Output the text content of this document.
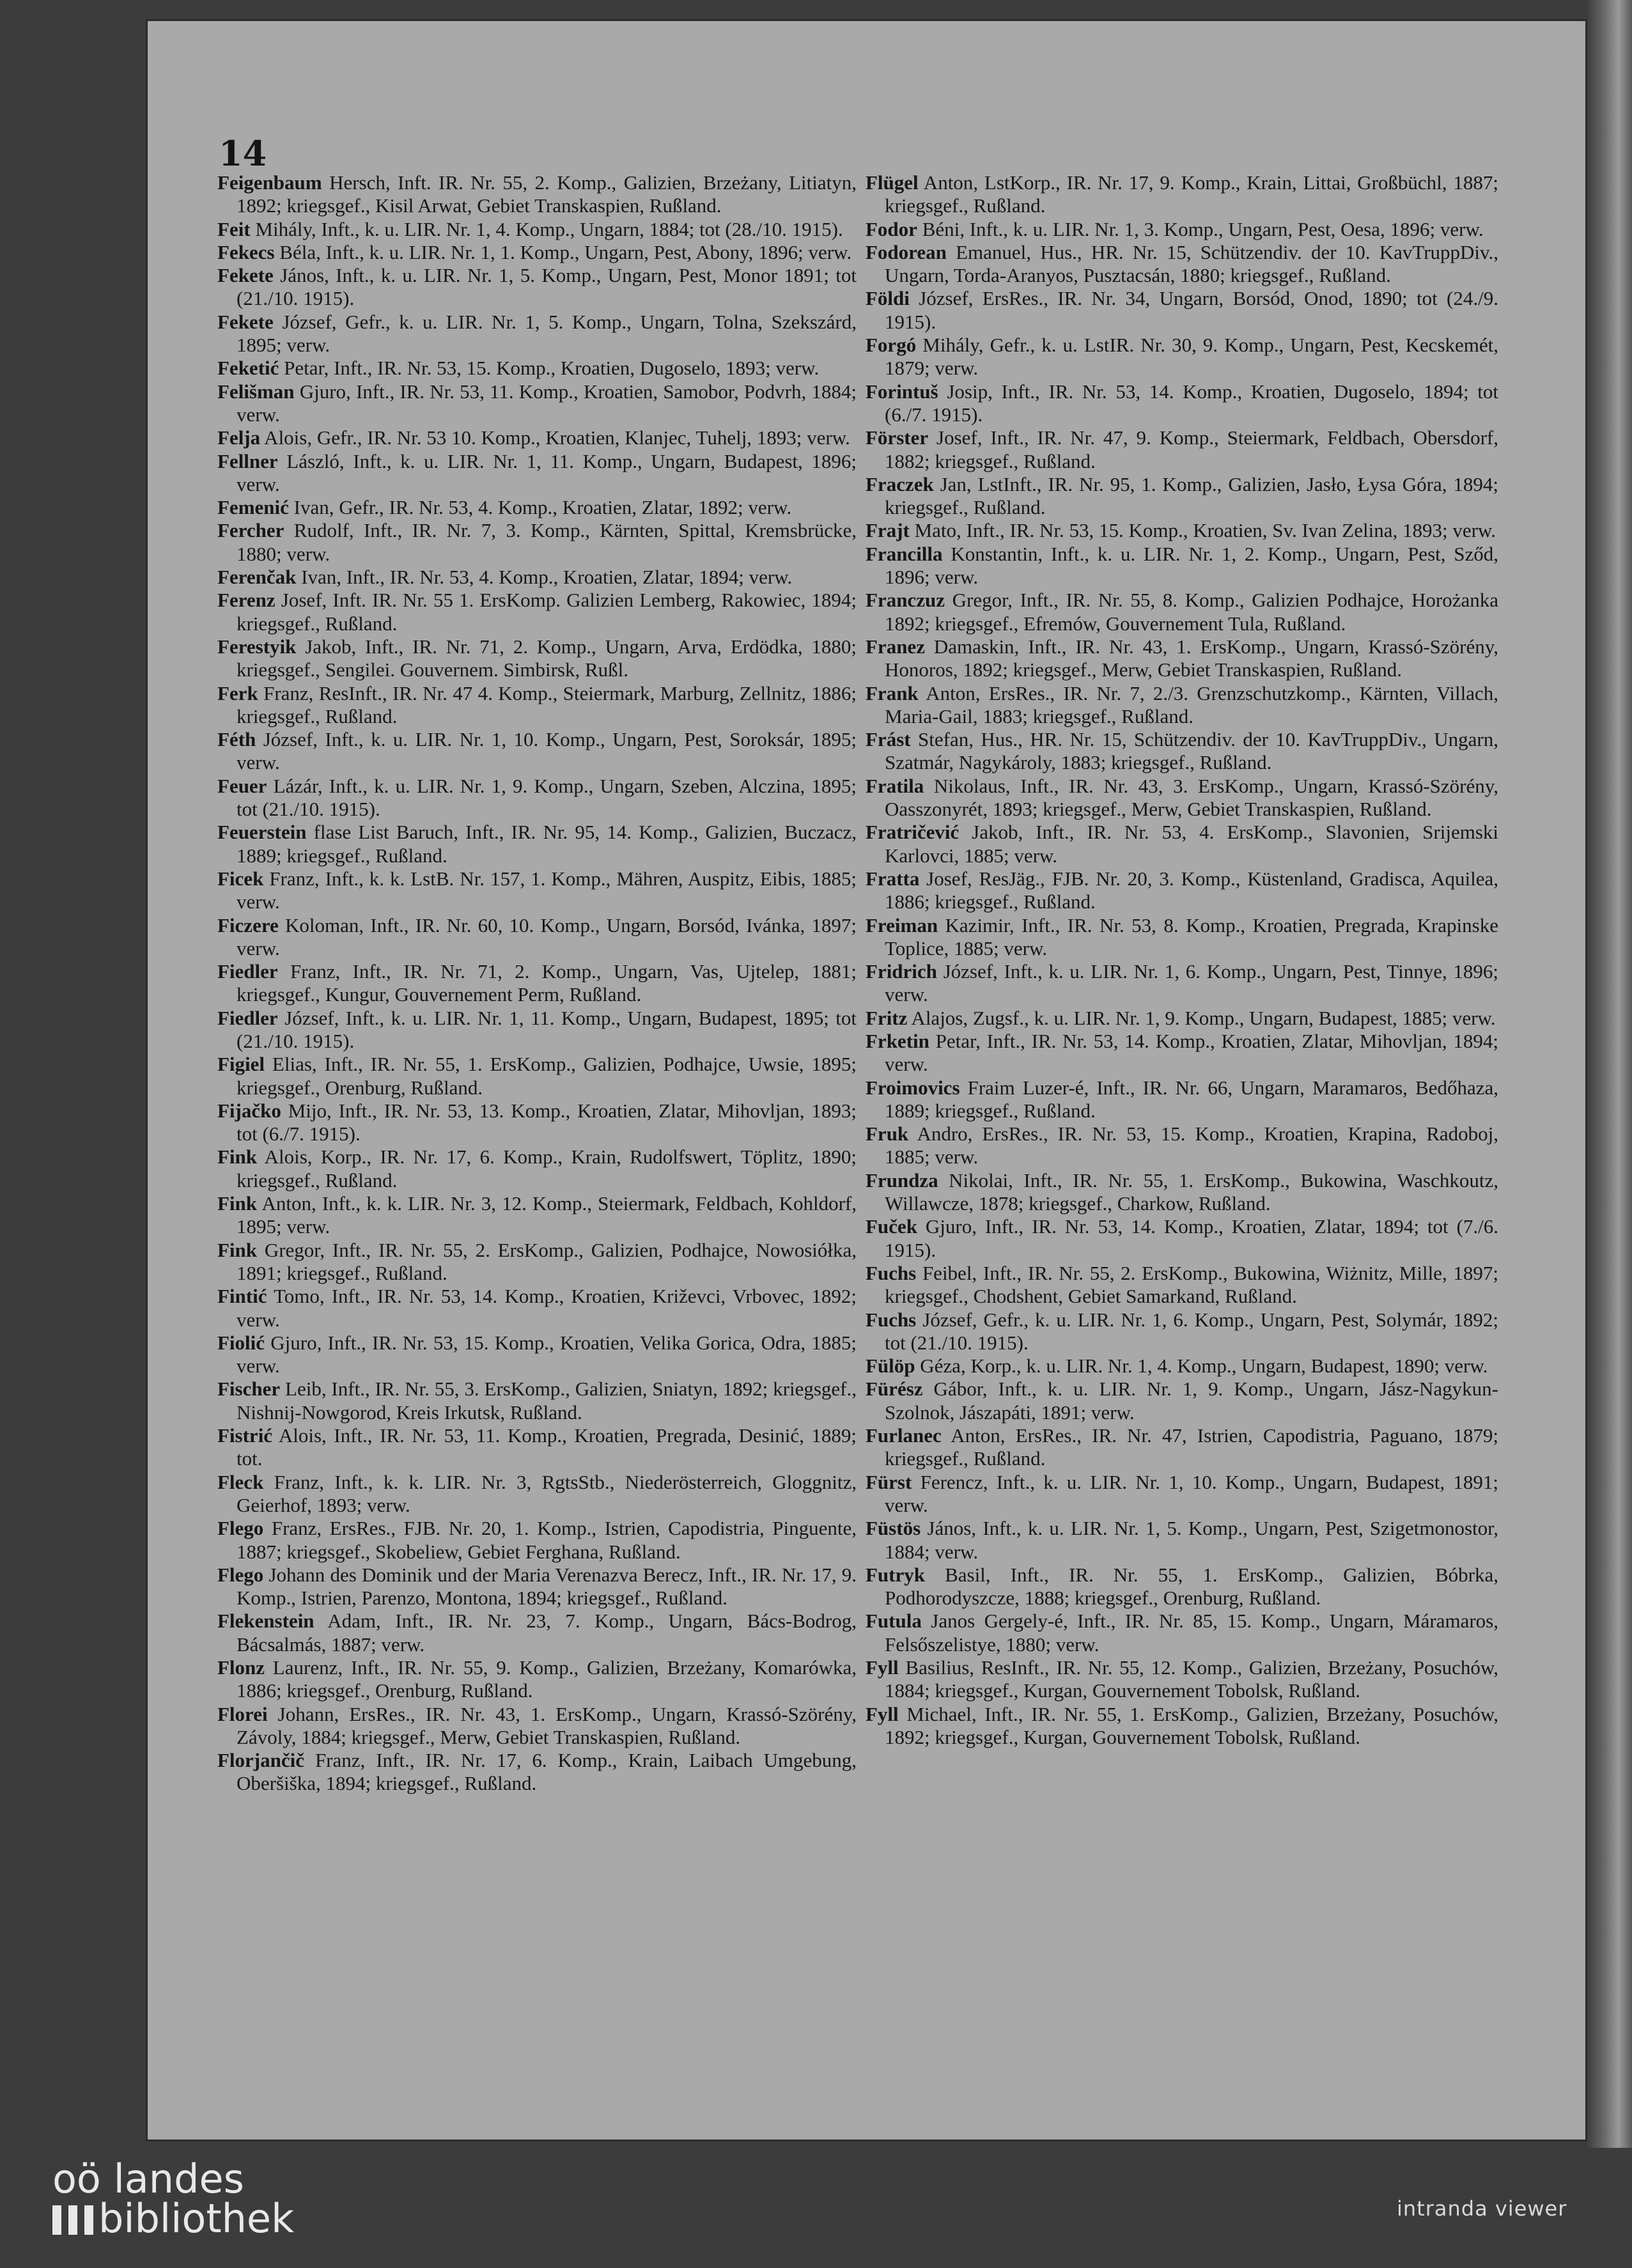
14

Feigenbaum Hersch, Inft. IR. Nr. 55, 2. Komp., Galizien, Brzeżany, Litiatyn, 1892; kriegsgef., Kisil Arwat, Gebiet Transkaspien, Rußland.

Feit Mihály, Inft., k. u. LIR. Nr. 1, 4. Komp., Ungarn, 1884; tot (28./10. 1915).

Fekecs Béla, Inft., k. u. LIR. Nr. 1, 1. Komp., Ungarn, Pest, Abony, 1896; verw.

Fekete János, Inft., k. u. LIR. Nr. 1, 5. Komp., Ungarn, Pest, Monor 1891; tot (21./10. 1915).

Fekete József, Gefr., k. u. LIR. Nr. 1, 5. Komp., Ungarn, Tolna, Szekszárd, 1895; verw.

Feketić Petar, Inft., IR. Nr. 53, 15. Komp., Kroatien, Dugoselo, 1893; verw.

Felišman Gjuro, Inft., IR. Nr. 53, 11. Komp., Kroatien, Samobor, Podvrh, 1884; verw.

Felja Alois, Gefr., IR. Nr. 53 10. Komp., Kroatien, Klanjec, Tuhelj, 1893; verw.

Fellner László, Inft., k. u. LIR. Nr. 1, 11. Komp., Ungarn, Budapest, 1896; verw.

Femenić Ivan, Gefr., IR. Nr. 53, 4. Komp., Kroatien, Zlatar, 1892; verw.

Fercher Rudolf, Inft., IR. Nr. 7, 3. Komp., Kärnten, Spittal, Kremsbrücke, 1880; verw.

Ferenčak Ivan, Inft., IR. Nr. 53, 4. Komp., Kroatien, Zlatar, 1894; verw.

Ferenz Josef, Inft. IR. Nr. 55 1. ErsKomp. Galizien Lemberg, Rakowiec, 1894; kriegsgef., Rußland.

Ferestyik Jakob, Inft., IR. Nr. 71, 2. Komp., Ungarn, Arva, Erdödka, 1880; kriegsgef., Sengilei. Gouvernem. Simbirsk, Rußl.

Ferk Franz, ResInft., IR. Nr. 47 4. Komp., Steiermark, Marburg, Zellnitz, 1886; kriegsgef., Rußland.

Féth József, Inft., k. u. LIR. Nr. 1, 10. Komp., Ungarn, Pest, Soroksár, 1895; verw.

Feuer Lázár, Inft., k. u. LIR. Nr. 1, 9. Komp., Ungarn, Szeben, Alczina, 1895; tot (21./10. 1915).

Feuerstein flase List Baruch, Inft., IR. Nr. 95, 14. Komp., Galizien, Buczacz, 1889; kriegsgef., Rußland.

Ficek Franz, Inft., k. k. LstB. Nr. 157, 1. Komp., Mähren, Auspitz, Eibis, 1885; verw.

Ficzere Koloman, Inft., IR. Nr. 60, 10. Komp., Ungarn, Borsód, Ivánka, 1897; verw.

Fiedler Franz, Inft., IR. Nr. 71, 2. Komp., Ungarn, Vas, Ujtelep, 1881; kriegsgef., Kungur, Gouvernement Perm, Rußland.

Fiedler József, Inft., k. u. LIR. Nr. 1, 11. Komp., Ungarn, Budapest, 1895; tot (21./10. 1915).

Figiel Elias, Inft., IR. Nr. 55, 1. ErsKomp., Galizien, Podhajce, Uwsie, 1895; kriegsgef., Orenburg, Rußland.

Fijačko Mijo, Inft., IR. Nr. 53, 13. Komp., Kroatien, Zlatar, Mihovljan, 1893; tot (6./7. 1915).

Fink Alois, Korp., IR. Nr. 17, 6. Komp., Krain, Rudolfswert, Töplitz, 1890; kriegsgef., Rußland.

Fink Anton, Inft., k. k. LIR. Nr. 3, 12. Komp., Steiermark, Feldbach, Kohldorf, 1895; verw.

Fink Gregor, Inft., IR. Nr. 55, 2. ErsKomp., Galizien, Podhajce, Nowosiółka, 1891; kriegsgef., Rußland.

Fintić Tomo, Inft., IR. Nr. 53, 14. Komp., Kroatien, Križevci, Vrbovec, 1892; verw.

Fiolić Gjuro, Inft., IR. Nr. 53, 15. Komp., Kroatien, Velika Gorica, Odra, 1885; verw.

Fischer Leib, Inft., IR. Nr. 55, 3. ErsKomp., Galizien, Sniatyn, 1892; kriegsgef., Nishnij-Nowgorod, Kreis Irkutsk, Rußland.

Fistrić Alois, Inft., IR. Nr. 53, 11. Komp., Kroatien, Pregrada, Desinić, 1889; tot.

Fleck Franz, Inft., k. k. LIR. Nr. 3, RgtsStb., Niederösterreich, Gloggnitz, Geierhof, 1893; verw.

Flego Franz, ErsRes., FJB. Nr. 20, 1. Komp., Istrien, Capodistria, Pinguente, 1887; kriegsgef., Skobeliew, Gebiet Ferghana, Rußland.

Flego Johann des Dominik und der Maria Verenazva Berecz, Inft., IR. Nr. 17, 9. Komp., Istrien, Parenzo, Montona, 1894; kriegsgef., Rußland.

Flekenstein Adam, Inft., IR. Nr. 23, 7. Komp., Ungarn, Bács-Bodrog, Bácsalmás, 1887; verw.

Flonz Laurenz, Inft., IR. Nr. 55, 9. Komp., Galizien, Brzeżany, Komarówka, 1886; kriegsgef., Orenburg, Rußland.

Florei Johann, ErsRes., IR. Nr. 43, 1. ErsKomp., Ungarn, Krassó-Szörény, Závoly, 1884; kriegsgef., Merw, Gebiet Transkaspien, Rußland.

Florjančič Franz, Inft., IR. Nr. 17, 6. Komp., Krain, Laibach Umgebung, Oberšiška, 1894; kriegsgef., Rußland.

Flügel Anton, LstKorp., IR. Nr. 17, 9. Komp., Krain, Littai, Großbüchl, 1887; kriegsgef., Rußland.

Fodor Béni, Inft., k. u. LIR. Nr. 1, 3. Komp., Ungarn, Pest, Oesa, 1896; verw.

Fodorean Emanuel, Hus., HR. Nr. 15, Schützendiv. der 10. KavTruppDiv., Ungarn, Torda-Aranyos, Pusztacsán, 1880; kriegsgef., Rußland.

Földi József, ErsRes., IR. Nr. 34, Ungarn, Borsód, Onod, 1890; tot (24./9. 1915).

Forgó Mihály, Gefr., k. u. LstIR. Nr. 30, 9. Komp., Ungarn, Pest, Kecskemét, 1879; verw.

Forintuš Josip, Inft., IR. Nr. 53, 14. Komp., Kroatien, Dugoselo, 1894; tot (6./7. 1915).

Förster Josef, Inft., IR. Nr. 47, 9. Komp., Steiermark, Feldbach, Obersdorf, 1882; kriegsgef., Rußland.

Fraczek Jan, LstInft., IR. Nr. 95, 1. Komp., Galizien, Jasło, Łysa Góra, 1894; kriegsgef., Rußland.

Frajt Mato, Inft., IR. Nr. 53, 15. Komp., Kroatien, Sv. Ivan Zelina, 1893; verw.

Francilla Konstantin, Inft., k. u. LIR. Nr. 1, 2. Komp., Ungarn, Pest, Sződ, 1896; verw.

Franczuz Gregor, Inft., IR. Nr. 55, 8. Komp., Galizien Podhajce, Horożanka 1892; kriegsgef., Efremów, Gouvernement Tula, Rußland.

Franez Damaskin, Inft., IR. Nr. 43, 1. ErsKomp., Ungarn, Krassó-Szörény, Honoros, 1892; kriegsgef., Merw, Gebiet Transkaspien, Rußland.

Frank Anton, ErsRes., IR. Nr. 7, 2./3. Grenzschutzkomp., Kärnten, Villach, Maria-Gail, 1883; kriegsgef., Rußland.

Frást Stefan, Hus., HR. Nr. 15, Schützendiv. der 10. KavTruppDiv., Ungarn, Szatmár, Nagykároly, 1883; kriegsgef., Rußland.

Fratila Nikolaus, Inft., IR. Nr. 43, 3. ErsKomp., Ungarn, Krassó-Szörény, Oasszonyrét, 1893; kriegsgef., Merw, Gebiet Transkaspien, Rußland.

Fratričević Jakob, Inft., IR. Nr. 53, 4. ErsKomp., Slavonien, Srijemski Karlovci, 1885; verw.

Fratta Josef, ResJäg., FJB. Nr. 20, 3. Komp., Küstenland, Gradisca, Aquilea, 1886; kriegsgef., Rußland.

Freiman Kazimir, Inft., IR. Nr. 53, 8. Komp., Kroatien, Pregrada, Krapinske Toplice, 1885; verw.

Fridrich József, Inft., k. u. LIR. Nr. 1, 6. Komp., Ungarn, Pest, Tinnye, 1896; verw.

Fritz Alajos, Zugsf., k. u. LIR. Nr. 1, 9. Komp., Ungarn, Budapest, 1885; verw.

Frketin Petar, Inft., IR. Nr. 53, 14. Komp., Kroatien, Zlatar, Mihovljan, 1894; verw.

Froimovics Fraim Luzer-é, Inft., IR. Nr. 66, Ungarn, Maramaros, Bedőhaza, 1889; kriegsgef., Rußland.

Fruk Andro, ErsRes., IR. Nr. 53, 15. Komp., Kroatien, Krapina, Radoboj, 1885; verw.

Frundza Nikolai, Inft., IR. Nr. 55, 1. ErsKomp., Bukowina, Waschkoutz, Willawcze, 1878; kriegsgef., Charkow, Rußland.

Fuček Gjuro, Inft., IR. Nr. 53, 14. Komp., Kroatien, Zlatar, 1894; tot (7./6. 1915).

Fuchs Feibel, Inft., IR. Nr. 55, 2. ErsKomp., Bukowina, Wiżnitz, Mille, 1897; kriegsgef., Chodshent, Gebiet Samarkand, Rußland.

Fuchs József, Gefr., k. u. LIR. Nr. 1, 6. Komp., Ungarn, Pest, Solymár, 1892; tot (21./10. 1915).

Fülöp Géza, Korp., k. u. LIR. Nr. 1, 4. Komp., Ungarn, Budapest, 1890; verw.

Fürész Gábor, Inft., k. u. LIR. Nr. 1, 9. Komp., Ungarn, Jász-Nagykun-Szolnok, Jászapáti, 1891; verw.

Furlanec Anton, ErsRes., IR. Nr. 47, Istrien, Capodistria, Paguano, 1879; kriegsgef., Rußland.

Fürst Ferencz, Inft., k. u. LIR. Nr. 1, 10. Komp., Ungarn, Budapest, 1891; verw.

Füstös János, Inft., k. u. LIR. Nr. 1, 5. Komp., Ungarn, Pest, Szigetmonostor, 1884; verw.

Futryk Basil, Inft., IR. Nr. 55, 1. ErsKomp., Galizien, Bóbrka, Podhorodyszcze, 1888; kriegsgef., Orenburg, Rußland.

Futula Janos Gergely-é, Inft., IR. Nr. 85, 15. Komp., Ungarn, Máramaros, Felsőszelistye, 1880; verw.

Fyll Basilius, ResInft., IR. Nr. 55, 12. Komp., Galizien, Brzeżany, Posuchów, 1884; kriegsgef., Kurgan, Gouvernement Tobolsk, Rußland.

Fyll Michael, Inft., IR. Nr. 55, 1. ErsKomp., Galizien, Brzeżany, Posuchów, 1892; kriegsgef., Kurgan, Gouvernement Tobolsk, Rußland.

oö landes
bibliothek	intranda viewer
